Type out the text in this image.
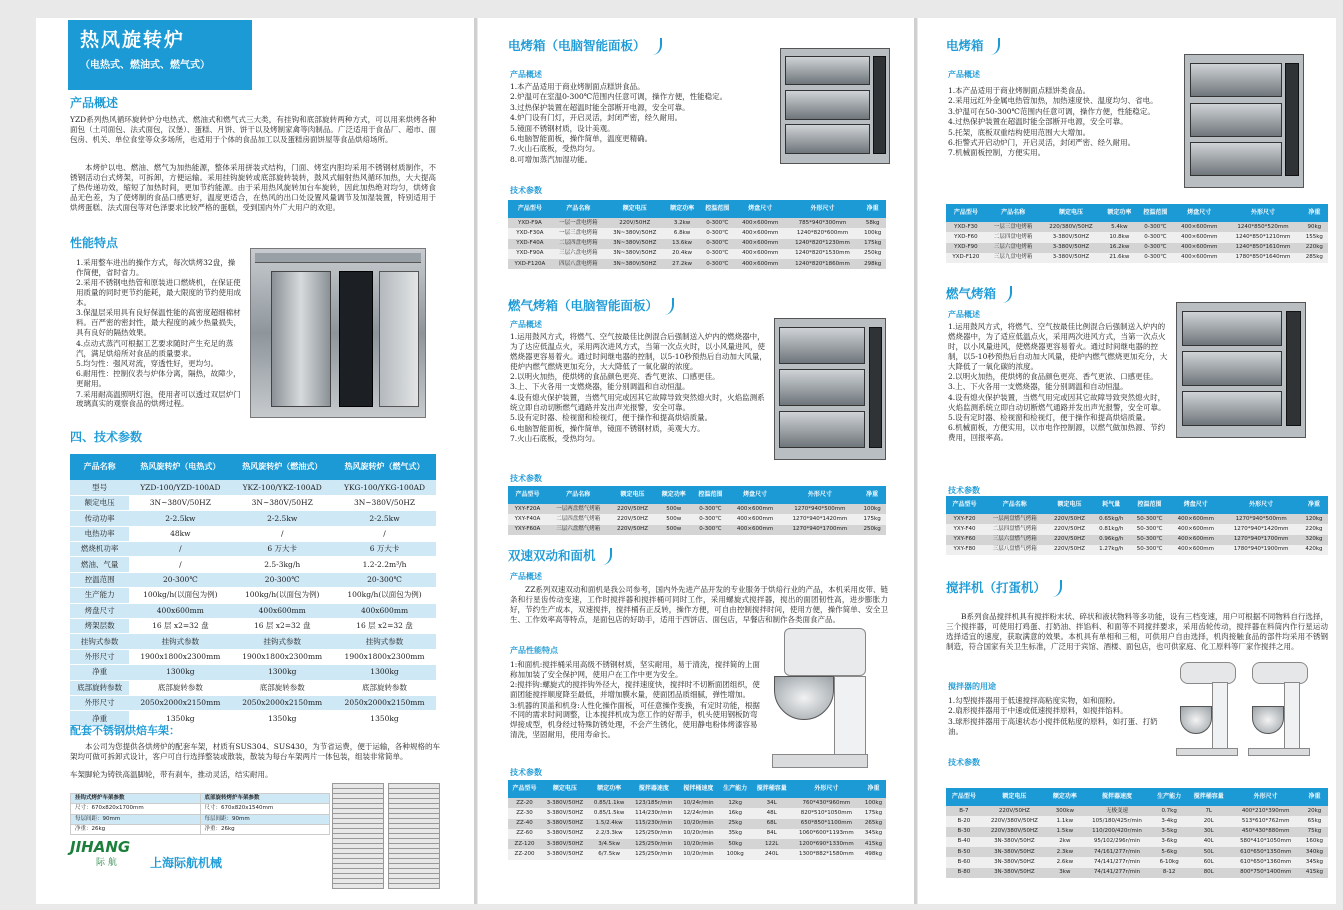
热风旋转炉
（电热式、燃油式、燃气式）
产品概述
YZD系列热风循环旋转炉分电热式、燃油式和燃气式三大类，有挂钩和底部旋转两种方式，可以用来烘烤各种面包（土司面包、法式面包，汉堡）、蛋糕、月饼、饼干以及烤制家禽等肉制品。广泛适用于食品厂、超市、面包房、机关、单位食堂等众多场所，也适用于个体的食品加工以及蛋糕房面饼屋等食品烘焙场所。
本烤炉以电、燃油、燃气为加热能源，整体采用拼装式结构，门面、烤室内胆均采用不锈钢材质制作，不锈钢活动台式烤架，可拆卸，方便运输。采用挂钩旋转或底部旋转装转，鼓风式辐射热风循环加热，大大提高了热传递功效，缩短了加热时间，更加节约能源。由于采用热风旋转加台车旋转，因此加热绝对均匀，烘烤食品无色差，为了使烤制的食品口感更好，温度更适合，在热风的出口处设置风量调节及加湿装置，特别适用于烘烤蛋糕、法式面包等对色泽要求比较严格的蛋糕，受到国内外广大用户的欢迎。
性能特点
1.采用整车进出的操作方式，每次烘烤32盘，操作简便，省时省力。
2.采用不锈钢电热管和原装进口燃烧机，在保证使用质量的同时更节约能耗，最大限度的节约使用成本。
3.保温层采用具有良好保温性能的高密度超细棉材料。百严密的密封性，最大程度的减少热量损失，具有良好的隔热效果。
4.点动式蒸汽可根据工艺要求随时产生充足的蒸汽，满足烘焙所对食品的质量要求。
5.均匀性：强风对流，穿透性好，更均匀。
6.耐用性：控制仪表与炉体分离，隔热，故障少，更耐用。
7.采用耐高温照明灯泡，使用者可以透过双层炉门玻璃真实的观察食品的烘烤过程。
四、技术参数
产品名称	热风旋转炉（电热式）	热风旋转炉（燃油式）	热风旋转炉（燃气式）
型号	YZD-100/YZD-100AD	YKZ-100/YKZ-100AD	YKG-100/YKG-100AD
额定电压	3N~380V/50HZ	3N~380V/50HZ	3N~380V/50HZ
传动功率	2-2.5kw	2-2.5kw	2-2.5kw
电热功率	48kw	/	/
燃烧机功率	/	6 万大卡	6 万大卡
燃油、气量	/	2.5-3kg/h	1.2-2.2m³/h
控温范围	20-300℃	20-300℃	20-300℃
生产能力	100kg/h(以面包为例)	100kg/h(以面包为例)	100kg/h(以面包为例)
烤盘尺寸	400x600mm	400x600mm	400x600mm
烤架层数	16 层 x2=32 盘	16 层 x2=32 盘	16 层 x2=32 盘
挂钩式参数	挂钩式参数	挂钩式参数	挂钩式参数
外形尺寸	1900x1800x2300mm	1900x1800x2300mm	1900x1800x2300mm
净重	1300kg	1300kg	1300kg
底部旋转参数	底部旋转参数	底部旋转参数	底部旋转参数
外形尺寸	2050x2000x2150mm	2050x2000x2150mm	2050x2000x2150mm
净重	1350kg	1350kg	1350kg
配套不锈钢烘焙车架：
本公司为您提供各烘烤炉的配套车架，材质有SUS304、SUS430，为节省运费，便于运输，各种规格的车架均可做可拆卸式设计，客户可自行选择整装或散装，散装为每台车架两片一体包装，组装非常简单。
车架脚轮为铸铁高温脚轮，带有刹车，推动灵活，结实耐用。
挂钩式烤炉车架参数	底部旋转烤炉车架参数
尺寸：670x820x1700mm	尺寸：670x820x1540mm
每层间距：90mm	每层间距：90mm
净重：26kg	净重：26kg
JIHANG
际 航	上海际航机械
电烤箱（电脑智能面板）
产品概述
1.本产品适用于商业烤制面点糕饼食品。
2.炉温可在室温0-300℃范围内任意可调，操作方便，性能稳定。
3.过热保护装置在超温时能全部断开电源，安全可靠。
4.炉门设有门灯，开启灵活，封闭严密，经久耐用。
5.镜面不锈钢材质，设计美观。
6.电脑智能面板，操作简单，温度更精确。
7.火山石底板，受热均匀。
8.可增加蒸汽加湿功能。
技术参数
产品型号	产品名称	额定电压	额定功率	控温范围	烤盘尺寸	外形尺寸	净重
YXD-F9A	一层一盘电烤箱	220V/50HZ	3.2kw	0-300℃	400×600mm	785*940*300mm	58kg
YXD-F30A	一层三盘电烤箱	3N~380V/50HZ	6.8kw	0-300℃	400×600mm	1240*820*600mm	100kg
YXD-F40A	二层四盘电烤箱	3N~380V/50HZ	13.6kw	0-300℃	400×600mm	1240*820*1230mm	175kg
YXD-F90A	三层六盘电烤箱	3N~380V/50HZ	20.4kw	0-300℃	400×600mm	1240*820*1530mm	250kg
YXD-F120A	四层八盘电烤箱	3N~380V/50HZ	27.2kw	0-300℃	400×600mm	1240*820*1860mm	298kg
燃气烤箱（电脑智能面板）
产品概述
1.运用鼓风方式，将燃气、空气按最佳比例混合后强制送入炉内的燃烧器中，为了达应低温点火，采用两次进风方式，当第一次点火时，以小风量进风，使燃烧器更容易着火。通过时间继电器的控制，以5-10秒预热后自动加大风量，使炉内燃气燃烧更加充分，大大降低了一氧化碳的浓度。
2.以明火加热，使烘烤的食品颜色更亮、香气更浓、口感更佳。
3.上、下火各用一支燃烧器，能分别调温和自动恒温。
4.设有熄火保护装置，当燃气用完或因其它故障导致突然熄火时，火焰监测系统立即自动切断燃气通路并发出声光报警，安全可靠。
5.设有定时器、检视窗和检视灯，便于操作和提高烘焙质量。
6.电脑智能面板，操作简单，镜面不锈钢材质，美观大方。
7.火山石底板，受热均匀。
技术参数
产品型号	产品名称	额定电压	额定功率	控温范围	烤盘尺寸	外形尺寸	净重
YXY-F20A	一层两盘燃气烤箱	220V/50HZ	500w	0-300℃	400×600mm	1270*940*500mm	100kg
YXY-F40A	二层四盘燃气烤箱	220V/50HZ	500w	0-300℃	400×600mm	1270*940*1420mm	175kg
YXY-F60A	三层六盘燃气烤箱	220V/50HZ	500w	0-300℃	400×600mm	1270*940*1700mm	250kg
双速双动和面机
产品概述
ZZ系列双速双动和面机是我公司参考，国内外先进产品开发的专业服务于烘焙行业的产品，本机采用皮带、链条和行星齿传动变速，工作时搅拌器和搅拌桶可同时工作，采用螺旋式搅拌器，搅出的面团韧性高，进步膨胀力好，节约生产成本，双速搅拌，搅拌桶有正反转，操作方便，可自由控制搅拌时间，使用方便，操作简单、安全卫生、工作效率高等特点，是面包店的好助手，适用于西饼店、面包店，早餐店和制作各类面食产品。
产品性能特点
1:和面机:搅拌桶采用高级不锈钢材质，坚实耐用，易于清洗，搅拌简的上面称加加装了安全保护网，使用户在工作中更为安全。
2:搅拌钩:螺旋式的搅拌钩外径大，搅拌速度快，搅拌时不切断面团组织，使面团能搅拌顺度降至最低，并增加膜水量，使面团品质细腻，弹性增加。
3:机器的顶盖和机身:人性化操作面板，可任意操作变换，有定时功能，根据不同的需求时间调整，让本搅拌机成为您工作的好帮手，机头使用钢板防弯焊接成型，机身经过特殊防锈处理，不会产生锈化，使用静电粉体烤漆容易清洗，坚固耐用，使用寿命长。
技术参数
产品型号	额定电压	额定功率	搅拌器速度	搅拌桶速度	生产能力	搅拌桶容量	外形尺寸	净重
ZZ-20	3-380V/50HZ	0.85/1.1kw	123/185r/min	10/24r/min	12kg	34L	760*430*960mm	100kg
ZZ-30	3-380V/50HZ	0.85/1.5kw	114/230r/min	12/24r/min	16kg	48L	820*510*1050mm	175kg
ZZ-40	3-380V/50HZ	1.5/2.4kw	115/230r/min	10/20r/min	25kg	68L	650*850*1100mm	265kg
ZZ-60	3-380V/50HZ	2.2/3.3kw	125/250r/min	10/20r/min	35kg	84L	1060*600*1193mm	345kg
ZZ-120	3-380V/50HZ	3/4.5kw	125/250r/min	10/20r/min	50kg	122L	1200*690*1330mm	415kg
ZZ-200	3-380V/50HZ	6/7.5kw	125/250r/min	10/20r/min	100kg	240L	1300*882*1580mm	498kg
电烤箱
产品概述
1.本产品适用于商业烤制面点糕饼类食品。
2.采用远红外金属电热管加热，加热速度快、温度均匀、省电。
3.炉温可在50-300℃范围内任意可调，操作方便，性能稳定。
4.过热保护装置在超温时能全部断开电源，安全可靠。
5.托架，底板双重结构使用范围大大增加。
6.拒警式开启动炉门，开启灵活，封闭严密、经久耐用。
7.机械面板控制，方便实用。
产品型号	产品名称	额定电压	额定功率	控温范围	烤盘尺寸	外形尺寸	净重
YXD-F30	一层三盘电烤箱	220/380V/50HZ	5.4kw	0-300℃	400×600mm	1240*850*520mm	90kg
YXD-F60	二层四盘电烤箱	3-380V/50HZ	10.8kw	0-300℃	400×600mm	1240*850*1210mm	155kg
YXD-F90	三层六盘电烤箱	3-380V/50HZ	16.2kw	0-300℃	400×600mm	1240*850*1610mm	220kg
YXD-F120	三层九盘电烤箱	3-380V/50HZ	21.6kw	0-300℃	400×600mm	1780*850*1640mm	285kg
燃气烤箱
产品概述
1.运用鼓风方式，将燃气、空气按最佳比例混合后强制送入炉内的燃烧器中，为了适应低温点火，采用两次进风方式，当第一次点火时，以小风量进风，使燃烧器更容易着火。通过时间继电器的控制，以5-10秒预热后自动加大风量，使炉内燃气燃烧更加充分，大大降低了一氧化碳的浓度。
2.以明火加热，使烘烤的食品颜色更亮、香气更浓、口感更佳。
3.上、下火各用一支燃烧器，能分别调温和自动恒温。
4.设有熄火保护装置，当燃气用完或因其它故障导致突然熄火时，火焰监测系统立即自动切断燃气通路并发出声光报警，安全可靠。
5.设有定时器、检视窗和检视灯，便于操作和提高烘焙质量。
6.机械面板，方便实用，以市电作控制源，以燃气做加热源、节约费用，回报率高。
技术参数
产品型号	产品名称	额定电压	耗气量	控温范围	烤盘尺寸	外形尺寸	净重
YXY-F20	一层两盘燃气烤箱	220V/50HZ	0.65kg/h	50-300℃	400×600mm	1270*940*500mm	120kg
YXY-F40	二层四盘燃气烤箱	220V/50HZ	0.81kg/h	50-300℃	400×600mm	1270*940*1420mm	220kg
YXY-F60	三层六盘燃气烤箱	220V/50HZ	0.96kg/h	50-300℃	400×600mm	1270*940*1700mm	320kg
YXY-F80	三层八盘燃气烤箱	220V/50HZ	1.27kg/h	50-300℃	400×600mm	1780*940*1900mm	420kg
搅拌机（打蛋机）
B系列食品搅拌机具有搅拌粉末状、碎状和液状物料等多功能，设有三档变速，用户可根据不同物料自行选择，三个搅拌器，可使用打鸡蛋、打奶油、拌馅料、和面等不同搅拌要求，采用齿轮传动，搅拌器在料筒内作行星运动选择适宜的速度，获取满意的效果。本机具有单相和三相，可供用户自由选择，机肉接触食品的部件均采用不锈钢制造，符合国家有关卫生标准，广泛用于宾馆、酒楼、面包店，也可供家庭、化工原料等厂家作搅拌之用。
搅拌器的用途
1.勾型搅拌器用于低速搅拌高粘度实物，如和面粉。
2.扇形搅拌器用于中速或低速搅拌原料，如搅拌馅料。
3.球形搅拌器用于高速状态小搅拌低粘度的原料，如打蛋、打奶油。
技术参数
产品型号	额定电压	额定功率	搅拌器速度	生产能力	搅拌桶容量	外形尺寸	净重
B-7	220V/50HZ	300kw	无极变速	0.7kg	7L	400*210*390mm	20kg
B-20	220V/380V/50HZ	1.1kw	105/180/425r/min	3-4kg	20L	513*610*762mm	65kg
B-30	220V/380V/50HZ	1.5kw	110/200/420r/min	3-5kg	30L	450*430*880mm	75kg
B-40	3N-380V/50HZ	2kw	95/102/296r/min	3-6kg	40L	580*410*1050mm	160kg
B-50	3N-380V/50HZ	2.3kw	74/161/277r/min	5-6kg	50L	610*650*1350mm	340kg
B-60	3N-380V/50HZ	2.6kw	74/141/277r/min	6-10kg	60L	610*650*1360mm	345kg
B-80	3N-380V/50HZ	3kw	74/141/277r/min	8-12	80L	800*750*1400mm	415kg
